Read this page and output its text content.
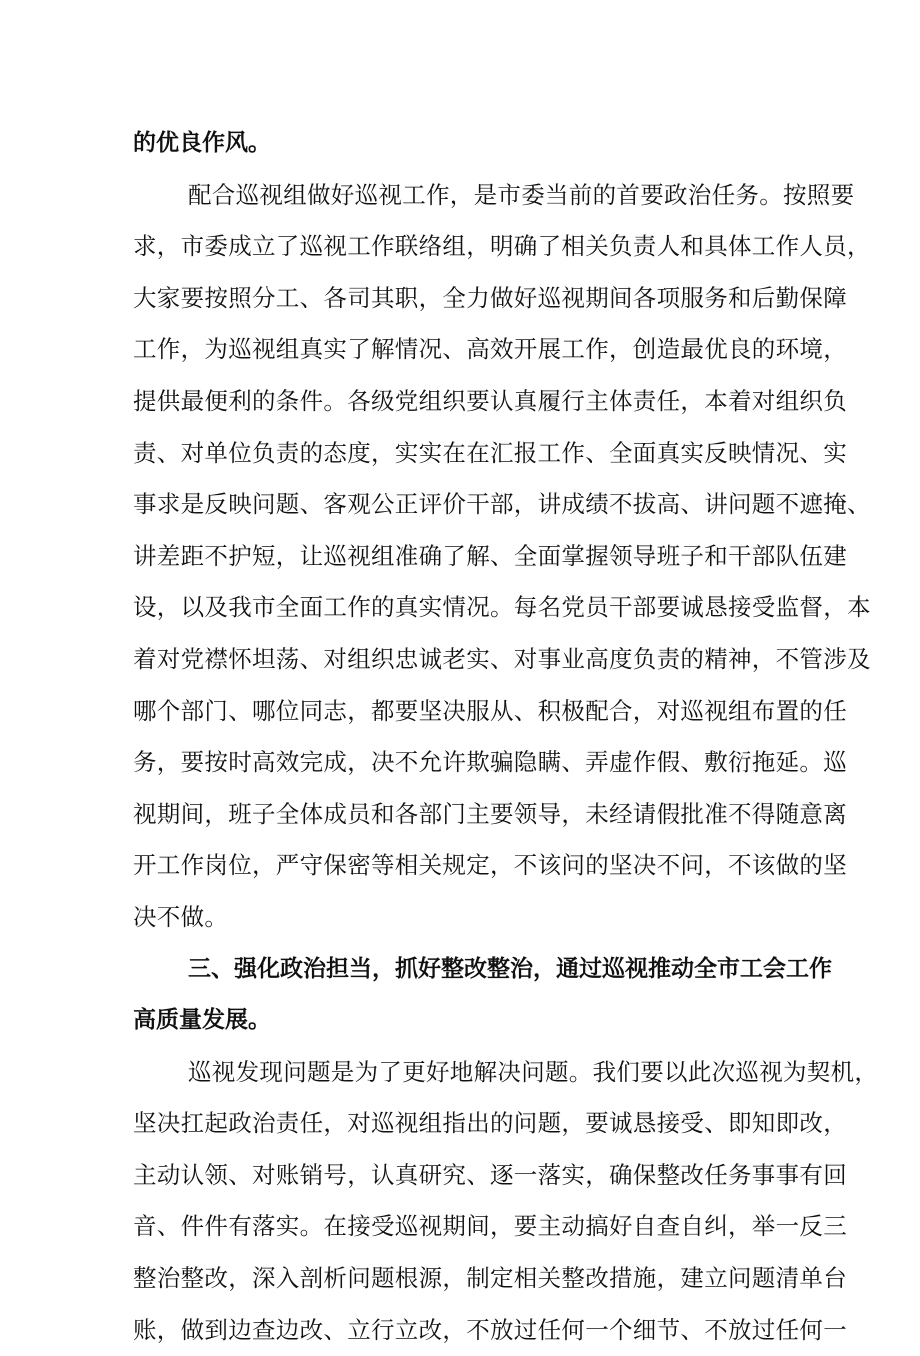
的优良作风。
配合巡视组做好巡视工作，是市委当前的首要政治任务。按照要
求，市委成立了巡视工作联络组，明确了相关负责人和具体工作人员，
大家要按照分工、各司其职，全力做好巡视期间各项服务和后勤保障
工作，为巡视组真实了解情况、高效开展工作，创造最优良的环境，
提供最便利的条件。各级党组织要认真履行主体责任，本着对组织负
责、对单位负责的态度，实实在在汇报工作、全面真实反映情况、实
事求是反映问题、客观公正评价干部，讲成绩不拔高、讲问题不遮掩、
讲差距不护短，让巡视组准确了解、全面掌握领导班子和干部队伍建
设，以及我市全面工作的真实情况。每名党员干部要诚恳接受监督，本
着对党襟怀坦荡、对组织忠诚老实、对事业高度负责的精神，不管涉及
哪个部门、哪位同志，都要坚决服从、积极配合，对巡视组布置的任
务，要按时高效完成，决不允许欺骗隐瞒、弄虚作假、敷衍拖延。巡
视期间，班子全体成员和各部门主要领导，未经请假批准不得随意离
开工作岗位，严守保密等相关规定，不该问的坚决不问，不该做的坚
决不做。
三、强化政治担当，抓好整改整治，通过巡视推动全市工会工作
高质量发展。
巡视发现问题是为了更好地解决问题。我们要以此次巡视为契机，
坚决扛起政治责任，对巡视组指出的问题，要诚恳接受、即知即改，
主动认领、对账销号，认真研究、逐一落实，确保整改任务事事有回
音、件件有落实。在接受巡视期间，要主动搞好自查自纠，举一反三
整治整改，深入剖析问题根源，制定相关整改措施，建立问题清单台
账，做到边查边改、立行立改，不放过任何一个细节、不放过任何一
